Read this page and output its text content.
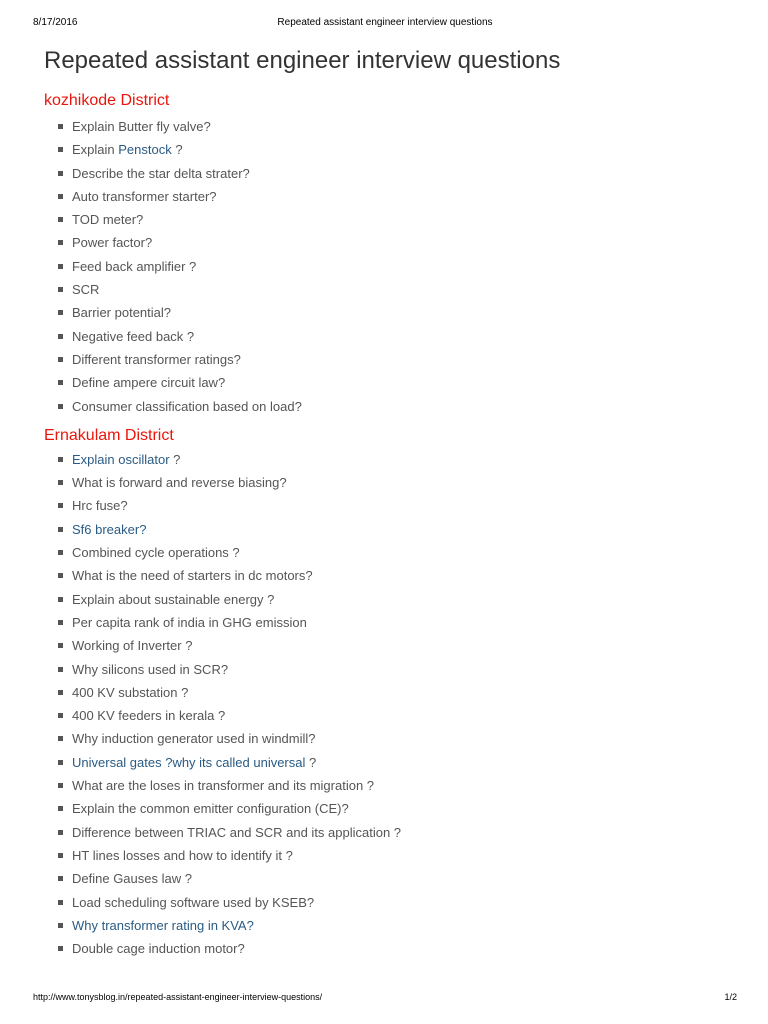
8/17/2016	Repeated assistant engineer interview questions
Repeated assistant engineer interview questions
kozhikode District
Explain Butter fly valve?
Explain Penstock ?
Describe the star delta strater?
Auto transformer starter?
TOD meter?
Power factor?
Feed back amplifier ?
SCR
Barrier potential?
Negative feed back ?
Different transformer ratings?
Define ampere circuit law?
Consumer classification based on load?
Ernakulam District
Explain oscillator ?
What is forward and reverse biasing?
Hrc fuse?
Sf6 breaker?
Combined cycle operations ?
What is the need of starters in dc motors?
Explain about sustainable energy ?
Per capita rank of india in GHG emission
Working of Inverter ?
Why silicons used in SCR?
400 KV substation ?
400 KV feeders in kerala ?
Why induction generator used in windmill?
Universal gates ?why its called universal ?
What are the loses in transformer and its migration ?
Explain the common emitter configuration (CE)?
Difference between TRIAC and SCR and its application ?
HT lines losses and how to identify it ?
Define Gauses law ?
Load scheduling software used by KSEB?
Why transformer rating in KVA?
Double cage induction motor?
http://www.tonysblog.in/repeated-assistant-engineer-interview-questions/	1/2
